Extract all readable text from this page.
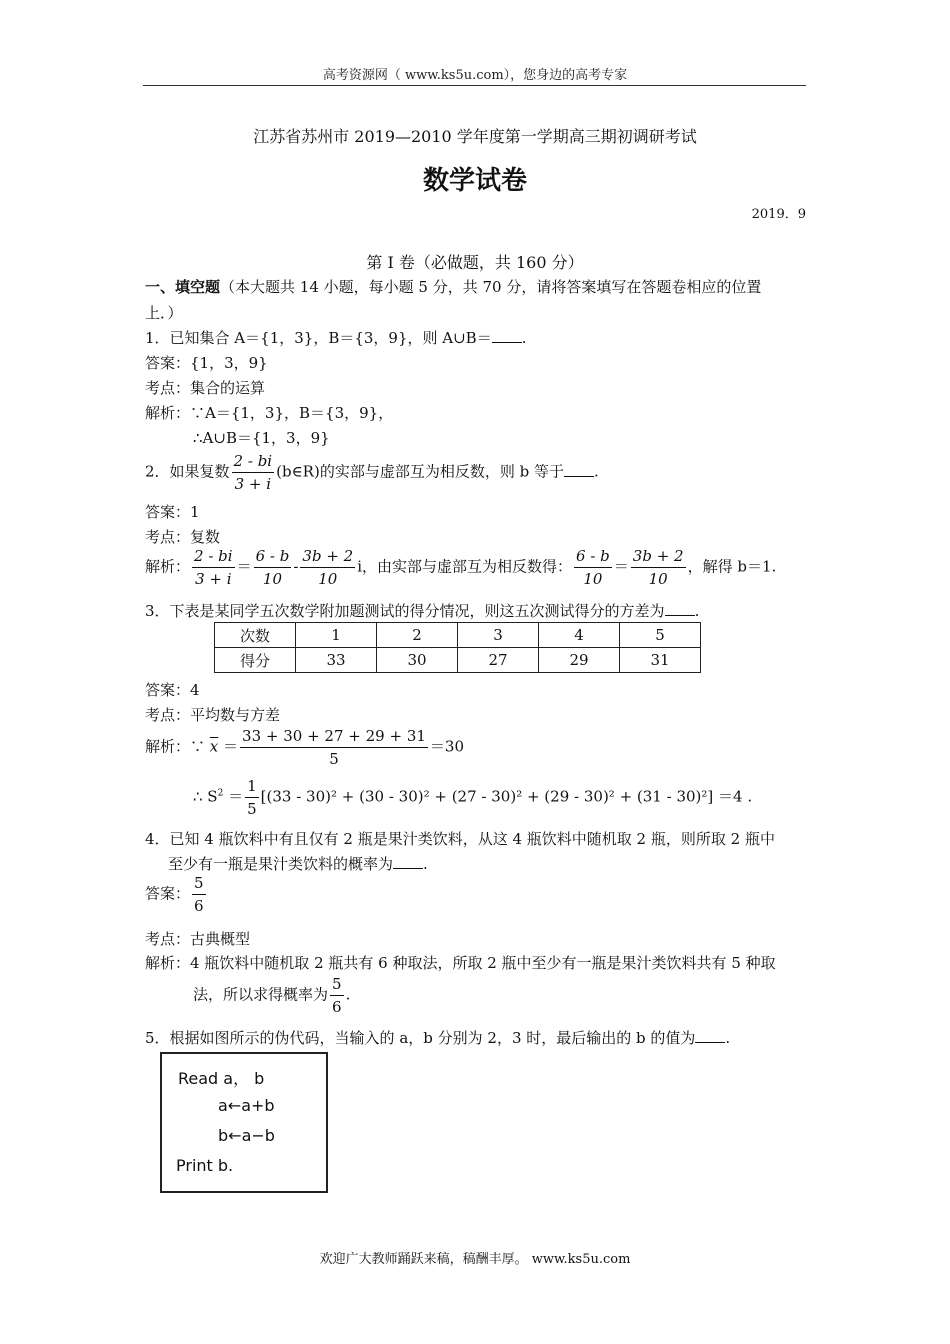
高考资源网（ www.ks5u.com），您身边的高考专家
江苏省苏州市 2019—2010 学年度第一学期高三期初调研考试
数学试卷
2019．9
第 I 卷（必做题，共 160 分）
一、填空题（本大题共 14 小题，每小题 5 分，共 70 分，请将答案填写在答题卷相应的位置
上．）
1．已知集合 A＝{1，3}，B＝{3，9}，则 A∪B＝ .
答案：{1，3，9}
考点：集合的运算
解析：∵A＝{1，3}，B＝{3，9}，
∴A∪B＝{1，3，9}
2．如果复数 $\frac{2 - bi}{3 + i}$ (b∈R)的实部与虚部互为相反数，则 b 等于 .
答案：1
考点：复数
解析： $\frac{2 - bi}{3 + i} = \frac{6 - b}{10} - \frac{3b + 2}{10}$ i，由实部与虚部互为相反数得： $\frac{6 - b}{10} = \frac{3b + 2}{10}$ ，解得 b＝1.
3．下表是某同学五次数学附加题测试的得分情况，则这五次测试得分的方差为 .
次数	1	2	3	4	5
得分	33	30	27	29	31
答案：4
考点：平均数与方差
解析：∵ $\overline{x} = \frac{33 + 30 + 27 + 29 + 31}{5} =30$
∴ $S^2 = \frac{1}{5} [(33 - 30)^2 + (30 - 30)^2 + (27 - 30)^2 + (29 - 30)^2 + (31 - 30)^2] =4$ .
4．已知 4 瓶饮料中有且仅有 2 瓶是果汁类饮料，从这 4 瓶饮料中随机取 2 瓶，则所取 2 瓶中
至少有一瓶是果汁类饮料的概率为 .
答案： $\frac{5}{6}$
考点：古典概型
解析：4 瓶饮料中随机取 2 瓶共有 6 种取法，所取 2 瓶中至少有一瓶是果汁类饮料共有 5 种取
法，所以求得概率为 $\frac{5}{6}$ .
5．根据如图所示的伪代码，当输入的 a，b 分别为 2，3 时，最后输出的 b 的值为 .
Read a， b
a←a+b
b←a−b
Print b.
欢迎广大教师踊跃来稿，稿酬丰厚。 www.ks5u.com
